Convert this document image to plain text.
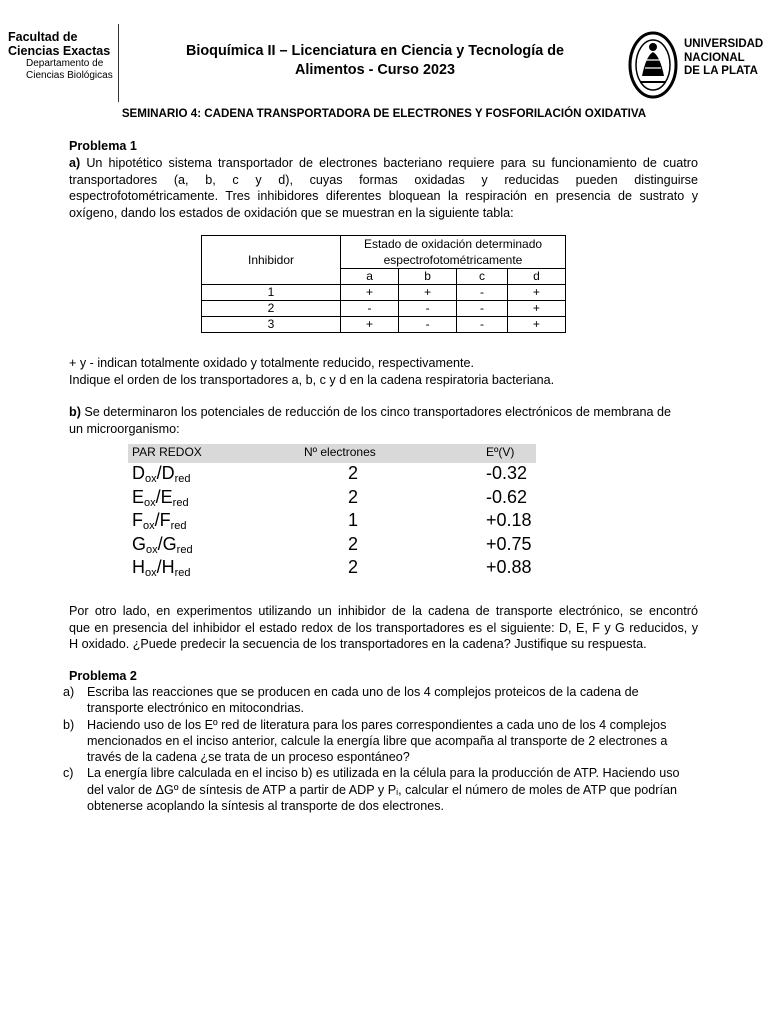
Facultad de
Ciencias Exactas
Departamento de
Ciencias Biológicas
Bioquímica II – Licenciatura en Ciencia y Tecnología de
Alimentos - Curso 2023
UNIVERSIDAD
NACIONAL
DE LA PLATA
SEMINARIO 4: CADENA TRANSPORTADORA DE ELECTRONES Y FOSFORILACIÓN OXIDATIVA
Problema 1
a) Un hipotético sistema transportador de electrones bacteriano requiere para su funcionamiento de cuatro
transportadores (a, b, c y d), cuyas formas oxidadas y reducidas pueden distinguirse
espectrofotométricamente. Tres inhibidores diferentes bloquean la respiración en presencia de sustrato y
oxígeno, dando los estados de oxidación que se muestran en la siguiente tabla:
Inhibidor	Estado de oxidación determinado
espectrofotométricamente			

	a	b	c	d
1	+	+	-	+
2	-	-	-	+
3	+	-	-	+
+ y - indican totalmente oxidado y totalmente reducido, respectivamente.
Indique el orden de los transportadores a, b, c y d en la cadena respiratoria bacteriana.
b) Se determinaron los potenciales de reducción de los cinco transportadores electrónicos de membrana de
un microorganismo:
PAR REDOX	Nº electrones	Eº(V)
$D_{ox}/D_{red}$	2	-0.32
$E_{ox}/E_{red}$	2	-0.62
$F_{ox}/F_{red}$	1	+0.18
$G_{ox}/G_{red}$	2	+0.75
$H_{ox}/H_{red}$	2	+0.88
Por otro lado, en experimentos utilizando un inhibidor de la cadena de transporte electrónico, se encontró
que en presencia del inhibidor el estado redox de los transportadores es el siguiente: D, E, F y G reducidos, y
H oxidado. ¿Puede predecir la secuencia de los transportadores en la cadena? Justifique su respuesta.
Problema 2
a) Escriba las reacciones que se producen en cada uno de los 4 complejos proteicos de la cadena de
transporte electrónico en mitocondrias.
b) Haciendo uso de los Eº red de literatura para los pares correspondientes a cada uno de los 4 complejos
mencionados en el inciso anterior, calcule la energía libre que acompaña al transporte de 2 electrones a
través de la cadena ¿se trata de un proceso espontáneo?
c) La energía libre calculada en el inciso b) es utilizada en la célula para la producción de ATP. Haciendo uso
del valor de ΔGº de síntesis de ATP a partir de ADP y Pᵢ, calcular el número de moles de ATP que podrían
obtenerse acoplando la síntesis al transporte de dos electrones.
